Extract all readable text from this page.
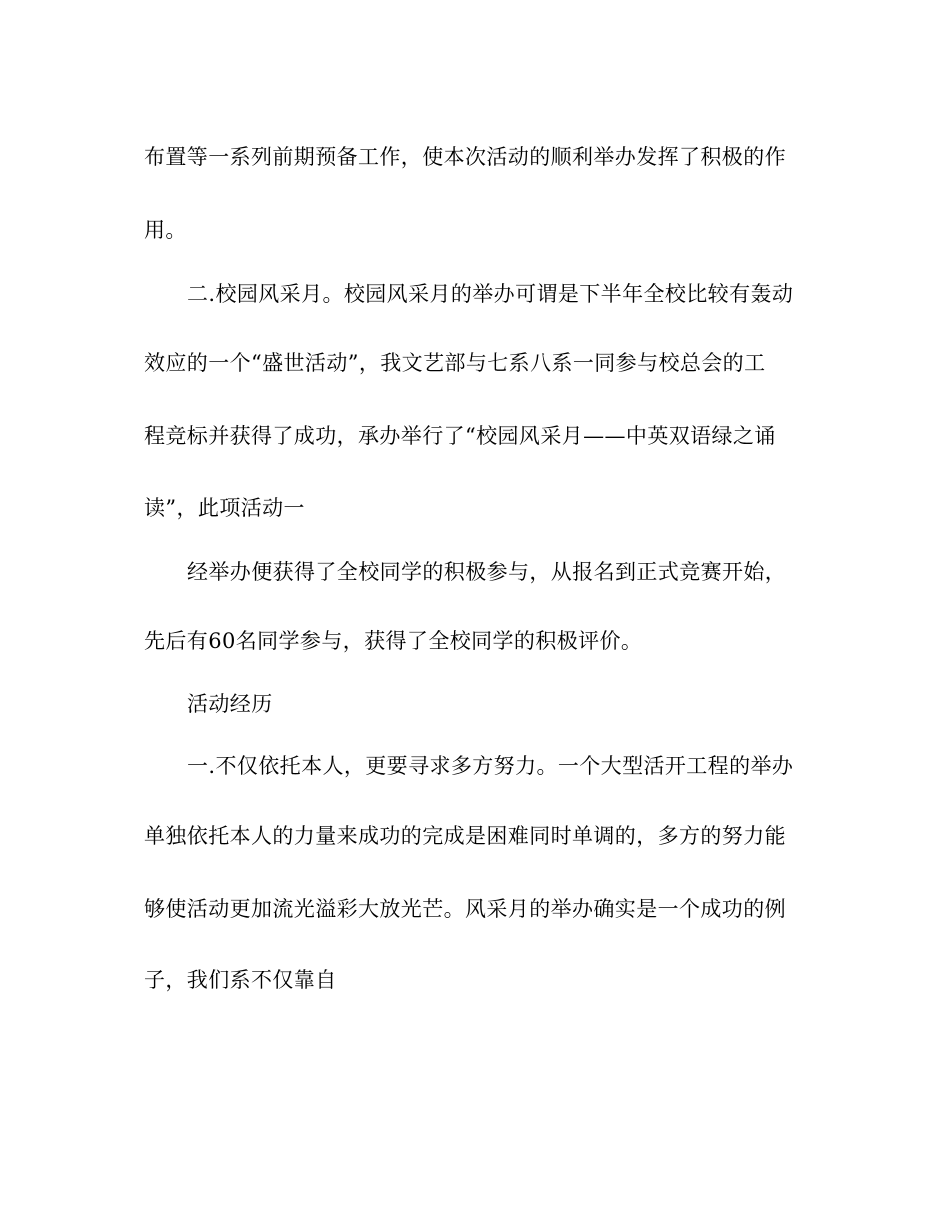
布置等一系列前期预备工作，使本次活动的顺利举办发挥了积极的作
用。
二.校园风采月。校园风采月的举办可谓是下半年全校比较有轰动
效应的一个“盛世活动”，我文艺部与七系八系一同参与校总会的工
程竞标并获得了成功，承办举行了“校园风采月——中英双语绿之诵
读”，此项活动一
经举办便获得了全校同学的积极参与，从报名到正式竞赛开始，
先后有60名同学参与，获得了全校同学的积极评价。
活动经历
一.不仅依托本人，更要寻求多方努力。一个大型活开工程的举办
单独依托本人的力量来成功的完成是困难同时单调的，多方的努力能
够使活动更加流光溢彩大放光芒。风采月的举办确实是一个成功的例
子，我们系不仅靠自
